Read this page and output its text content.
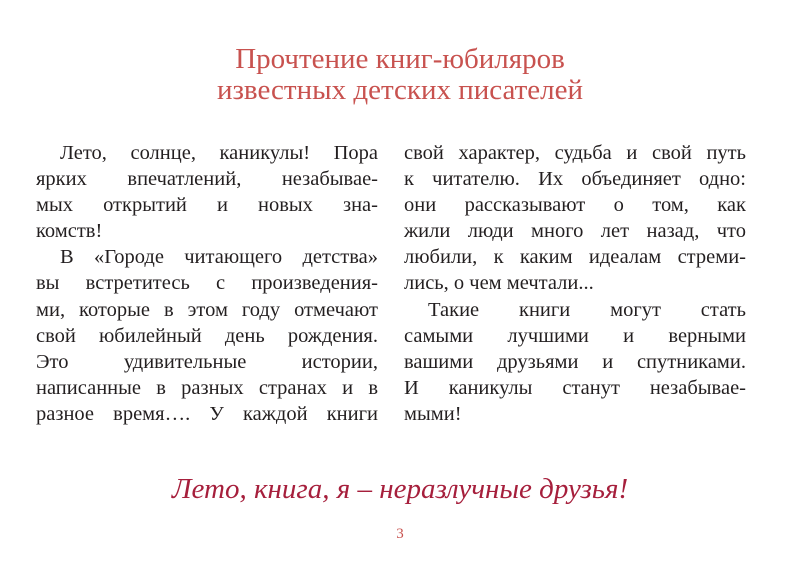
Прочтение книг-юбиляров
известных детских писателей

Лето, солнце, каникулы! Пора
ярких впечатлений, незабывае-
мых открытий и новых зна-
комств!

В «Городе читающего детства»
вы встретитесь с произведения-
ми, которые в этом году отмечают
свой юбилейный день рождения.
Это удивительные истории,
написанные в разных странах и в
разное время…. У каждой книги

свой характер, судьба и свой путь
к читателю. Их объединяет одно:
они рассказывают о том, как
жили люди много лет назад, что
любили, к каким идеалам стреми-
лись, о чем мечтали...

Такие книги могут стать
самыми лучшими и верными
вашими друзьями и спутниками.
И каникулы станут незабывае-
мыми!

Лето, книга, я – неразлучные друзья!
3
